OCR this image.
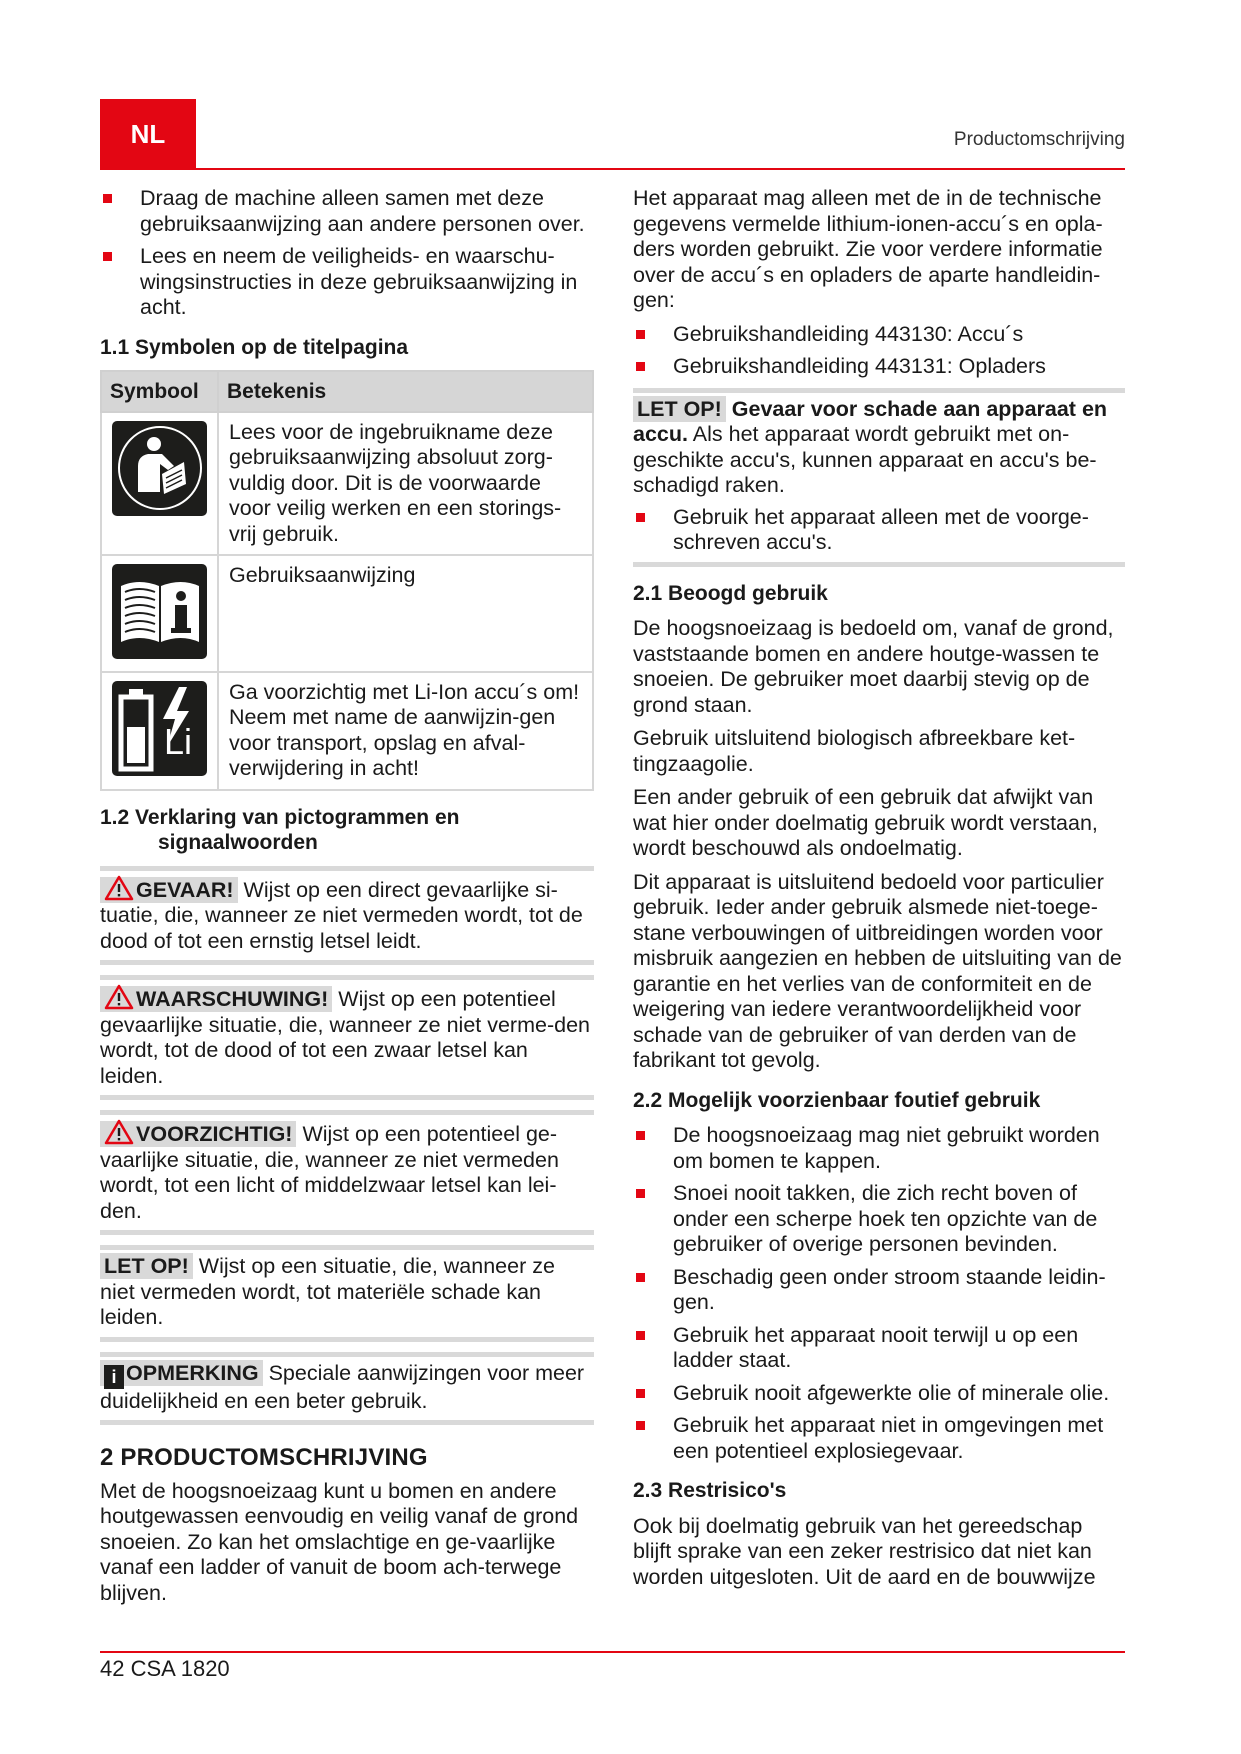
NL	Productomschrijving
Draag de machine alleen samen met deze gebruiksaanwijzing aan andere personen over.
Lees en neem de veiligheids- en waarschu-wingsinstructies in deze gebruiksaanwijzing in acht.
1.1 Symbolen op de titelpagina
Symbool	Betekenis

	Lees voor de ingebruikname deze gebruiksaanwijzing absoluut zorg-vuldig door. Dit is de voorwaarde voor veilig werken en een storings-vrij gebruik.

	Gebruiksaanwijzing

Li	Ga voorzichtig met Li-Ion accu´s om! Neem met name de aanwijzin-gen voor transport, opslag en afval-verwijdering in acht!
1.2 Verklaring van pictogrammen en signaalwoorden
GEVAAR! Wijst op een direct gevaarlijke si-tuatie, die, wanneer ze niet vermeden wordt, tot de dood of tot een ernstig letsel leidt.
WAARSCHUWING! Wijst op een potentieel gevaarlijke situatie, die, wanneer ze niet verme-den wordt, tot de dood of tot een zwaar letsel kan leiden.
VOORZICHTIG! Wijst op een potentieel ge-vaarlijke situatie, die, wanneer ze niet vermeden wordt, tot een licht of middelzwaar letsel kan lei-den.
LET OP! Wijst op een situatie, die, wanneer ze niet vermeden wordt, tot materiële schade kan leiden.
i OPMERKING Speciale aanwijzingen voor meer duidelijkheid en een beter gebruik.
2 PRODUCTOMSCHRIJVING

Met de hoogsnoeizaag kunt u bomen en andere houtgewassen eenvoudig en veilig vanaf de grond snoeien. Zo kan het omslachtige en ge-vaarlijke vanaf een ladder of vanuit de boom ach-terwege blijven.

Het apparaat mag alleen met de in de technische gegevens vermelde lithium-ionen-accu´s en opla-ders worden gebruikt. Zie voor verdere informatie over de accu´s en opladers de aparte handleidin-gen:

Gebruikshandleiding 443130: Accu´s
Gebruikshandleiding 443131: Opladers
LET OP! Gevaar voor schade aan apparaat en accu. Als het apparaat wordt gebruikt met on-geschikte accu's, kunnen apparaat en accu's be-schadigd raken.
Gebruik het apparaat alleen met de voorge-schreven accu's.
2.1 Beoogd gebruik

De hoogsnoeizaag is bedoeld om, vanaf de grond, vaststaande bomen en andere houtge-wassen te snoeien. De gebruiker moet daarbij stevig op de grond staan.

Gebruik uitsluitend biologisch afbreekbare ket-tingzaagolie.

Een ander gebruik of een gebruik dat afwijkt van wat hier onder doelmatig gebruik wordt verstaan, wordt beschouwd als ondoelmatig.

Dit apparaat is uitsluitend bedoeld voor particulier gebruik. Ieder ander gebruik alsmede niet-toege-stane verbouwingen of uitbreidingen worden voor misbruik aangezien en hebben de uitsluiting van de garantie en het verlies van de conformiteit en de weigering van iedere verantwoordelijkheid voor schade van de gebruiker of van derden van de fabrikant tot gevolg.

2.2 Mogelijk voorzienbaar foutief gebruik
De hoogsnoeizaag mag niet gebruikt worden om bomen te kappen.
Snoei nooit takken, die zich recht boven of onder een scherpe hoek ten opzichte van de gebruiker of overige personen bevinden.
Beschadig geen onder stroom staande leidin-gen.
Gebruik het apparaat nooit terwijl u op een ladder staat.
Gebruik nooit afgewerkte olie of minerale olie.
Gebruik het apparaat niet in omgevingen met een potentieel explosiegevaar.
2.3 Restrisico's

Ook bij doelmatig gebruik van het gereedschap blijft sprake van een zeker restrisico dat niet kan worden uitgesloten. Uit de aard en de bouwwijze

42 CSA 1820
